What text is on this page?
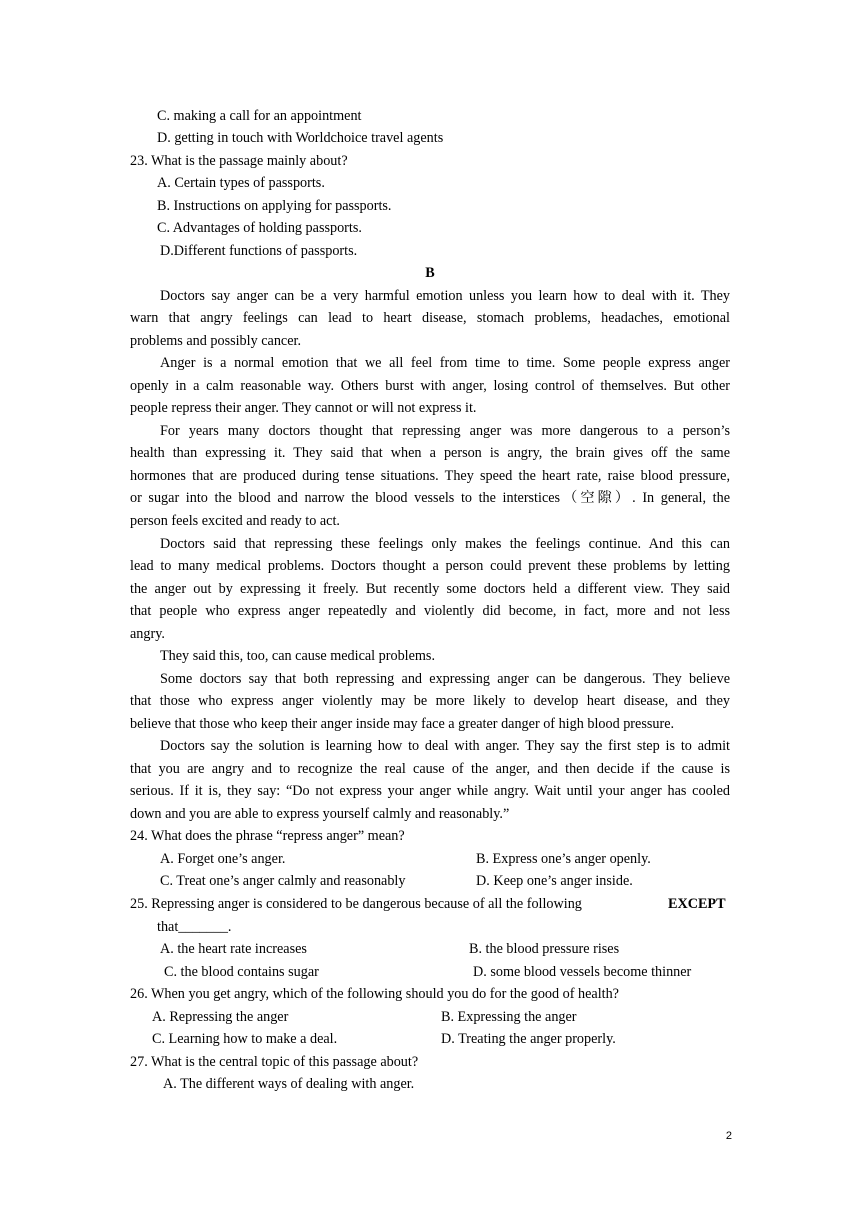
C. making a call for an appointment
D. getting in touch with Worldchoice travel agents
23. What is the passage mainly about?
A. Certain types of passports.
B. Instructions on applying for passports.
C. Advantages of holding passports.
D.Different functions of passports.
B
Doctors say anger can be a very harmful emotion unless you learn how to deal with it. They
warn that angry feelings can lead to heart disease, stomach problems, headaches, emotional
problems and possibly cancer.
Anger is a normal emotion that we all feel from time to time. Some people express anger
openly in a calm reasonable way. Others burst with anger, losing control of themselves. But other
people repress their anger. They cannot or will not express it.
For years many doctors thought that repressing anger was more dangerous to a person’s
health than expressing it. They said that when a person is angry, the brain gives off the same
hormones that are produced during tense situations. They speed the heart rate, raise blood pressure,
or sugar into the blood and narrow the blood vessels to the interstices（空隙）. In general, the
person feels excited and ready to act.
Doctors said that repressing these feelings only makes the feelings continue. And this can
lead to many medical problems. Doctors thought a person could prevent these problems by letting
the anger out by expressing it freely. But recently some doctors held a different view. They said
that people who express anger repeatedly and violently did become, in fact, more and not less
angry.
They said this, too, can cause medical problems.
Some doctors say that both repressing and expressing anger can be dangerous. They believe
that those who express anger violently may be more likely to develop heart disease, and they
believe that those who keep their anger inside may face a greater danger of high blood pressure.
Doctors say the solution is learning how to deal with anger. They say the first step is to admit
that you are angry and to recognize the real cause of the anger, and then decide if the cause is
serious. If it is, they say: “Do not express your anger while angry. Wait until your anger has cooled
down and you are able to express yourself calmly and reasonably.”
24. What does the phrase “repress anger” mean?
A. Forget one’s anger.	B. Express one’s anger openly.
C. Treat one’s anger calmly and reasonably	D. Keep one’s anger inside.
25. Repressing anger is considered to be dangerous because of all the following	EXCEPT
that_______.
A. the heart rate increases	B. the blood pressure rises
C. the blood contains sugar	D. some blood vessels become thinner
26. When you get angry, which of the following should you do for the good of health?
A. Repressing the anger	B. Expressing the anger
C. Learning how to make a deal.	D. Treating the anger properly.
27. What is the central topic of this passage about?
A. The different ways of dealing with anger.
2
